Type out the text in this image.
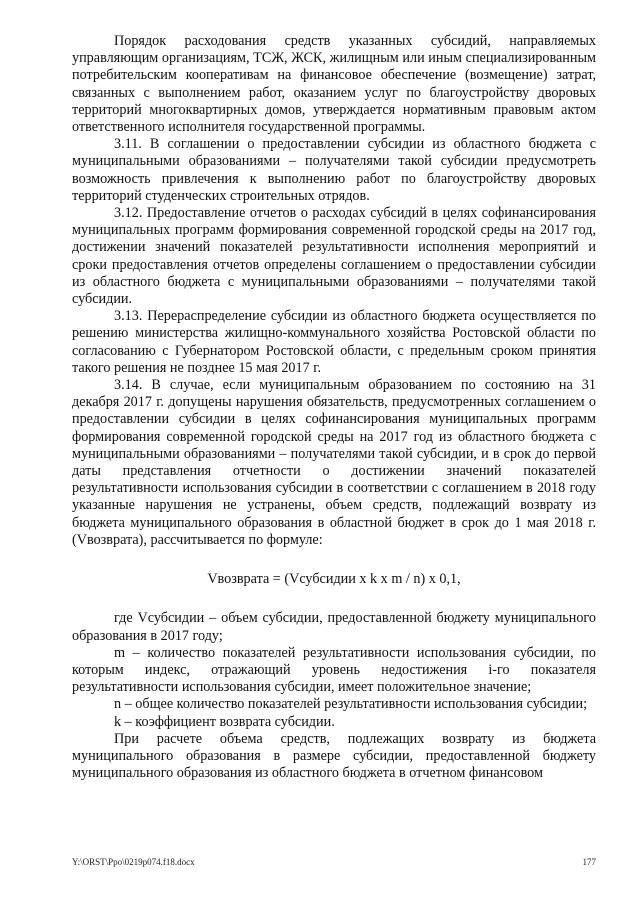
Порядок расходования средств указанных субсидий, направляемых управляющим организациям, ТСЖ, ЖСК, жилищным или иным специализированным потребительским кооперативам на финансовое обеспечение (возмещение) затрат, связанных с выполнением работ, оказанием услуг по благоустройству дворовых территорий многоквартирных домов, утверждается нормативным правовым актом ответственного исполнителя государственной программы.

3.11. В соглашении о предоставлении субсидии из областного бюджета с муниципальными образованиями – получателями такой субсидии предусмотреть возможность привлечения к выполнению работ по благоустройству дворовых территорий студенческих строительных отрядов.

3.12. Предоставление отчетов о расходах субсидий в целях софинансирования муниципальных программ формирования современной городской среды на 2017 год, достижении значений показателей результативности исполнения мероприятий и сроки предоставления отчетов определены соглашением о предоставлении субсидии из областного бюджета с муниципальными образованиями – получателями такой субсидии.

3.13. Перераспределение субсидии из областного бюджета осуществляется по решению министерства жилищно-коммунального хозяйства Ростовской области по согласованию с Губернатором Ростовской области, с предельным сроком принятия такого решения не позднее 15 мая 2017 г.

3.14. В случае, если муниципальным образованием по состоянию на 31 декабря 2017 г. допущены нарушения обязательств, предусмотренных соглашением о предоставлении субсидии в целях софинансирования муниципальных программ формирования современной городской среды на 2017 год из областного бюджета с муниципальными образованиями – получателями такой субсидии, и в срок до первой даты представления отчетности о достижении значений показателей результативности использования субсидии в соответствии с соглашением в 2018 году указанные нарушения не устранены, объем средств, подлежащий возврату из бюджета муниципального образования в областной бюджет в срок до 1 мая 2018 г. (Vвозврата), рассчитывается по формуле:

Vвозврата = (Vсубсидии x k x m / n) x 0,1,

где Vсубсидии – объем субсидии, предоставленной бюджету муниципального образования в 2017 году;

m – количество показателей результативности использования субсидии, по которым индекс, отражающий уровень недостижения i-го показателя результативности использования субсидии, имеет положительное значение;

n – общее количество показателей результативности использования субсидии;

k – коэффициент возврата субсидии.

При расчете объема средств, подлежащих возврату из бюджета муниципального образования в размере субсидии, предоставленной бюджету муниципального образования из областного бюджета в отчетном финансовом

Y:\ORST\Ppo\0219p074.f18.docx	177
